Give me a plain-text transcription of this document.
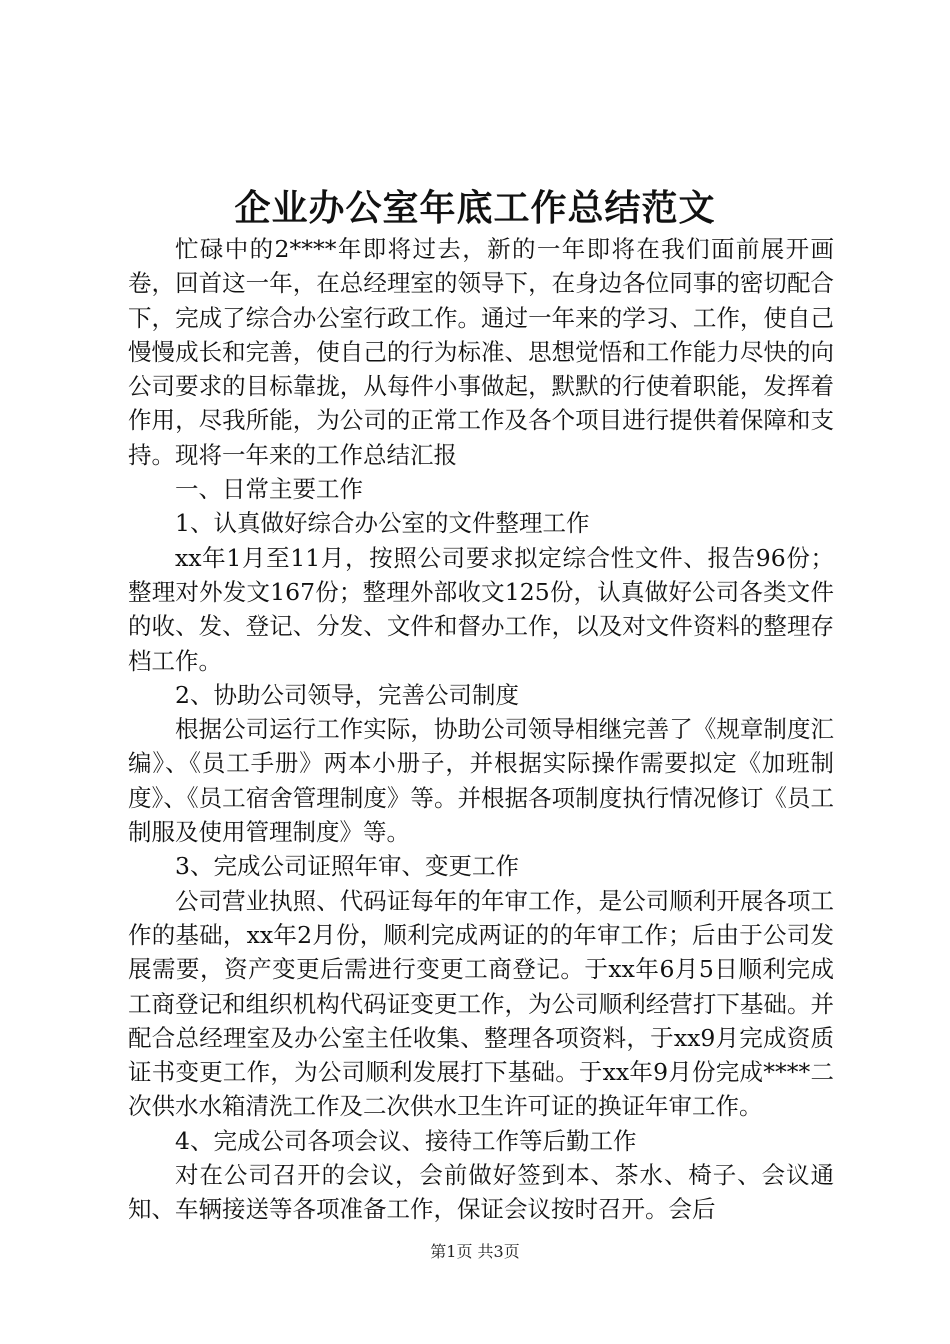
企业办公室年底工作总结范文

忙碌中的2****年即将过去，新的一年即将在我们面前展开画卷，回首这一年，在总经理室的领导下，在身边各位同事的密切配合下，完成了综合办公室行政工作。通过一年来的学习、工作，使自己慢慢成长和完善，使自己的行为标准、思想觉悟和工作能力尽快的向公司要求的目标靠拢，从每件小事做起，默默的行使着职能，发挥着作用，尽我所能，为公司的正常工作及各个项目进行提供着保障和支持。现将一年来的工作总结汇报

一、日常主要工作

1、认真做好综合办公室的文件整理工作

xx年1月至11月，按照公司要求拟定综合性文件、报告96份；整理对外发文167份；整理外部收文125份，认真做好公司各类文件的收、发、登记、分发、文件和督办工作，以及对文件资料的整理存档工作。

2、协助公司领导，完善公司制度

根据公司运行工作实际，协助公司领导相继完善了《规章制度汇编》、《员工手册》两本小册子，并根据实际操作需要拟定《加班制度》、《员工宿舍管理制度》等。并根据各项制度执行情况修订《员工制服及使用管理制度》等。

3、完成公司证照年审、变更工作

公司营业执照、代码证每年的年审工作，是公司顺利开展各项工作的基础，xx年2月份，顺利完成两证的的年审工作；后由于公司发展需要，资产变更后需进行变更工商登记。于xx年6月5日顺利完成工商登记和组织机构代码证变更工作，为公司顺利经营打下基础。并配合总经理室及办公室主任收集、整理各项资料，于xx9月完成资质证书变更工作，为公司顺利发展打下基础。于xx年9月份完成****二次供水水箱清洗工作及二次供水卫生许可证的换证年审工作。

4、完成公司各项会议、接待工作等后勤工作

对在公司召开的会议，会前做好签到本、茶水、椅子、会议通知、车辆接送等各项准备工作，保证会议按时召开。会后

第1页 共3页
